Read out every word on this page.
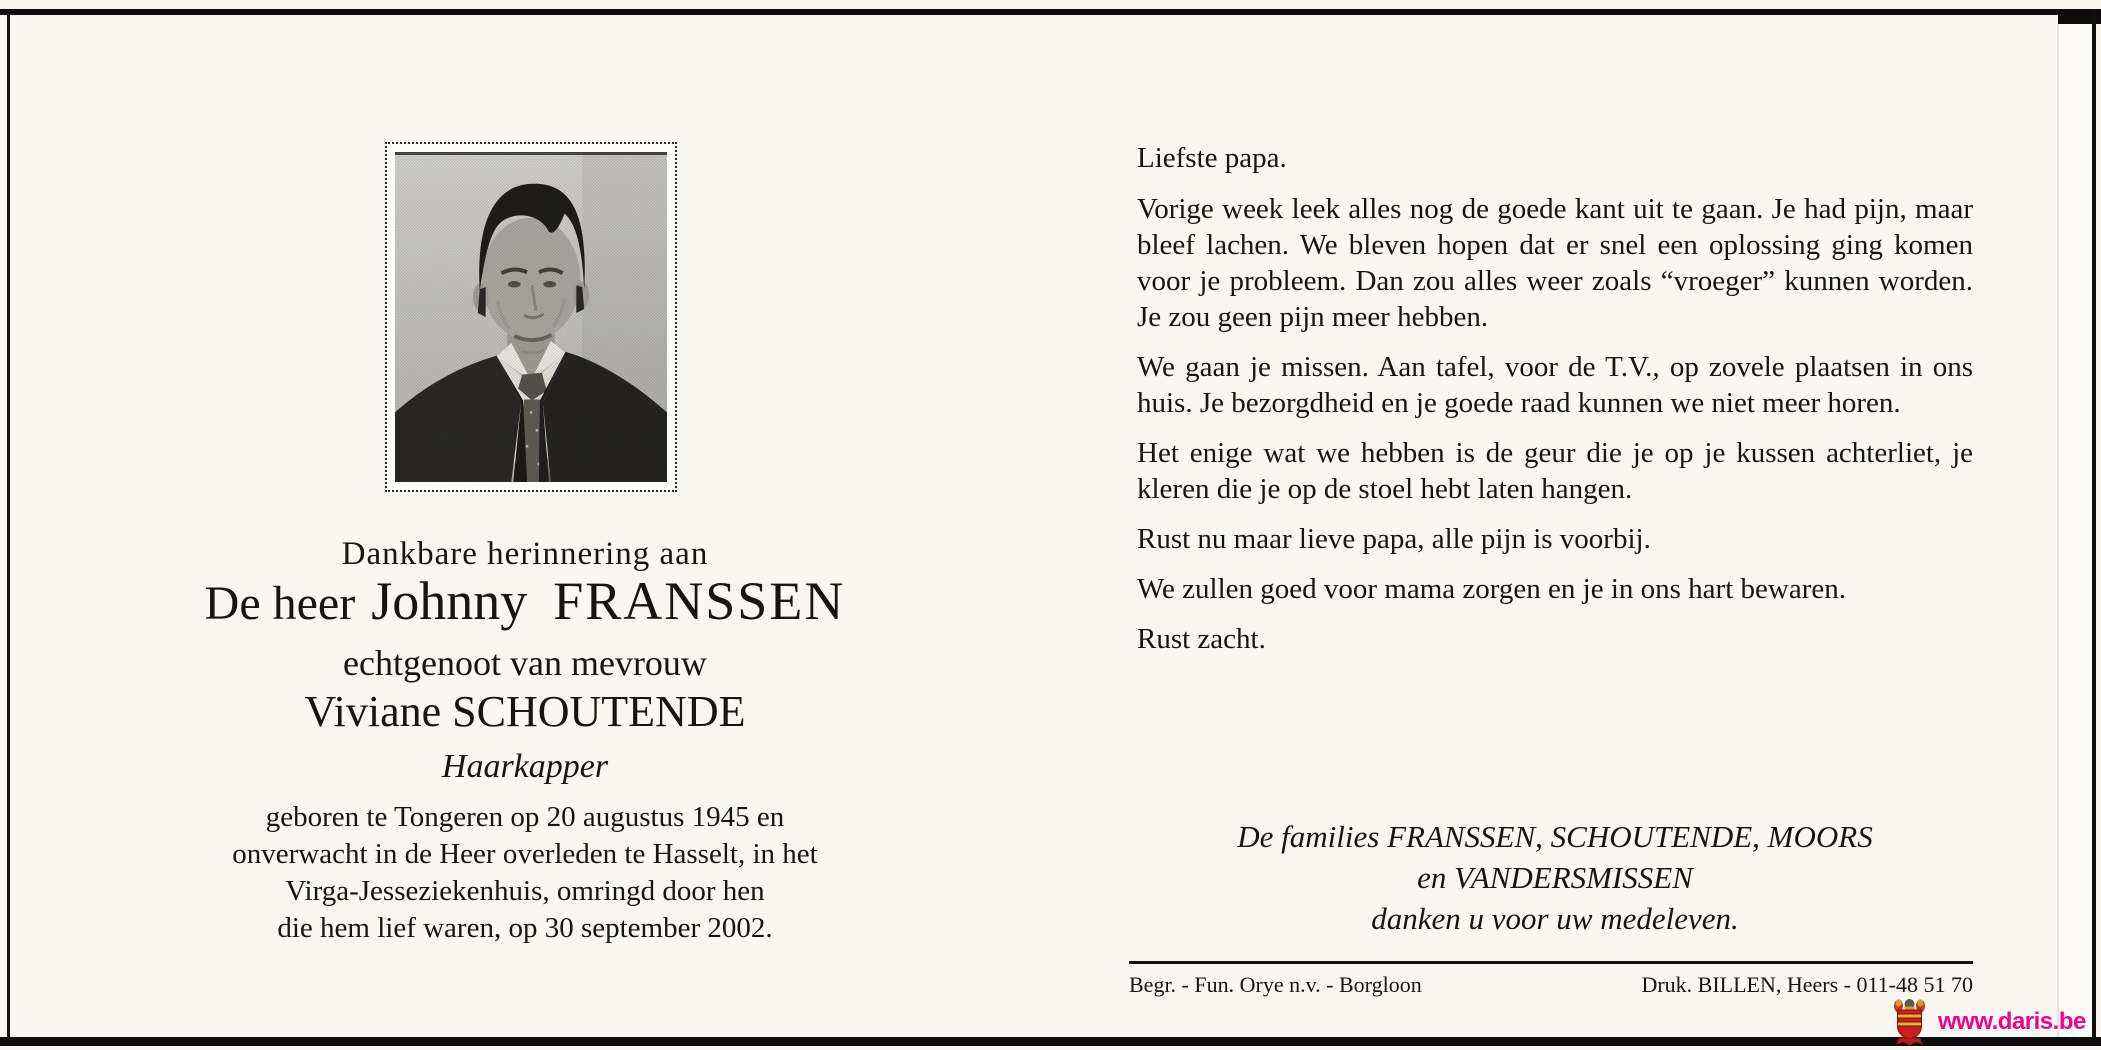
Dankbare herinnering aan
De heer Johnny FRANSSEN
echtgenoot van mevrouw
Viviane SCHOUTENDE
Haarkapper
geboren te Tongeren op 20 augustus 1945 en
onverwacht in de Heer overleden te Hasselt, in het
Virga-Jesseziekenhuis, omringd door hen
die hem lief waren, op 30 september 2002.

Liefste papa.

Vorige week leek alles nog de goede kant uit te gaan. Je had pijn, maar bleef lachen. We bleven hopen dat er snel een oplossing ging komen voor je probleem. Dan zou alles weer zoals “vroeger” kunnen worden. Je zou geen pijn meer hebben.

We gaan je missen. Aan tafel, voor de T.V., op zovele plaatsen in ons huis. Je bezorgdheid en je goede raad kunnen we niet meer horen.

Het enige wat we hebben is de geur die je op je kussen achterliet, je kleren die je op de stoel hebt laten hangen.

Rust nu maar lieve papa, alle pijn is voorbij.

We zullen goed voor mama zorgen en je in ons hart bewaren.

Rust zacht.

De families FRANSSEN, SCHOUTENDE, MOORS
en VANDERSMISSEN
danken u voor uw medeleven.
Begr. - Fun. Orye n.v. - Borgloon	Druk. BILLEN, Heers - 011-48 51 70
www.daris.be
